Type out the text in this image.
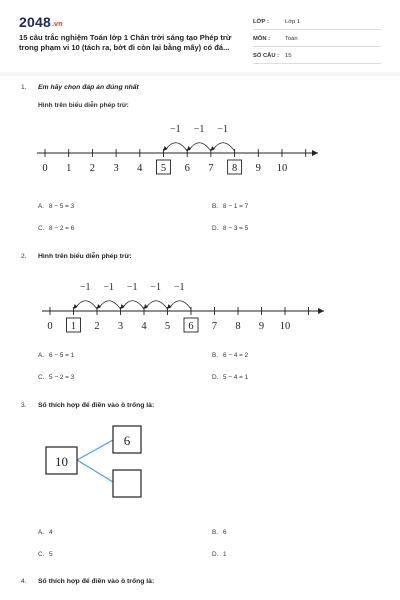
2048.vn
15 câu trắc nghiệm Toán lớp 1 Chân trời sáng tạo Phép trừ trong phạm vi 10 (tách ra, bớt đi còn lại bằng mấy) có đá...
LỚP :	Lớp 1
MÔN :	Toán
SỐ CÂU :	15
1. Em hãy chọn đáp án đúng nhất
Hình trên biểu diễn phép trừ:
0 1 2 3 4 5 6 7 8 9 10
−1
−1
−1
A. 8 − 5 = 3	B. 8 − 1 = 7
C. 8 − 2 = 6	D. 8 − 3 = 5
2. Hình trên biểu diễn phép trừ:
0 1 2 3 4 5 6 7 8 9 10
−1
−1
−1
−1
−1
A. 6 − 5 = 1	B. 6 − 4 = 2
C. 5 − 2 = 3	D. 5 − 4 = 1
3. Số thích hợp để điền vào ô trống là:
10
6
A. 4	B. 6
C. 5	D. 1
4. Số thích hợp để điền vào ô trống là:
